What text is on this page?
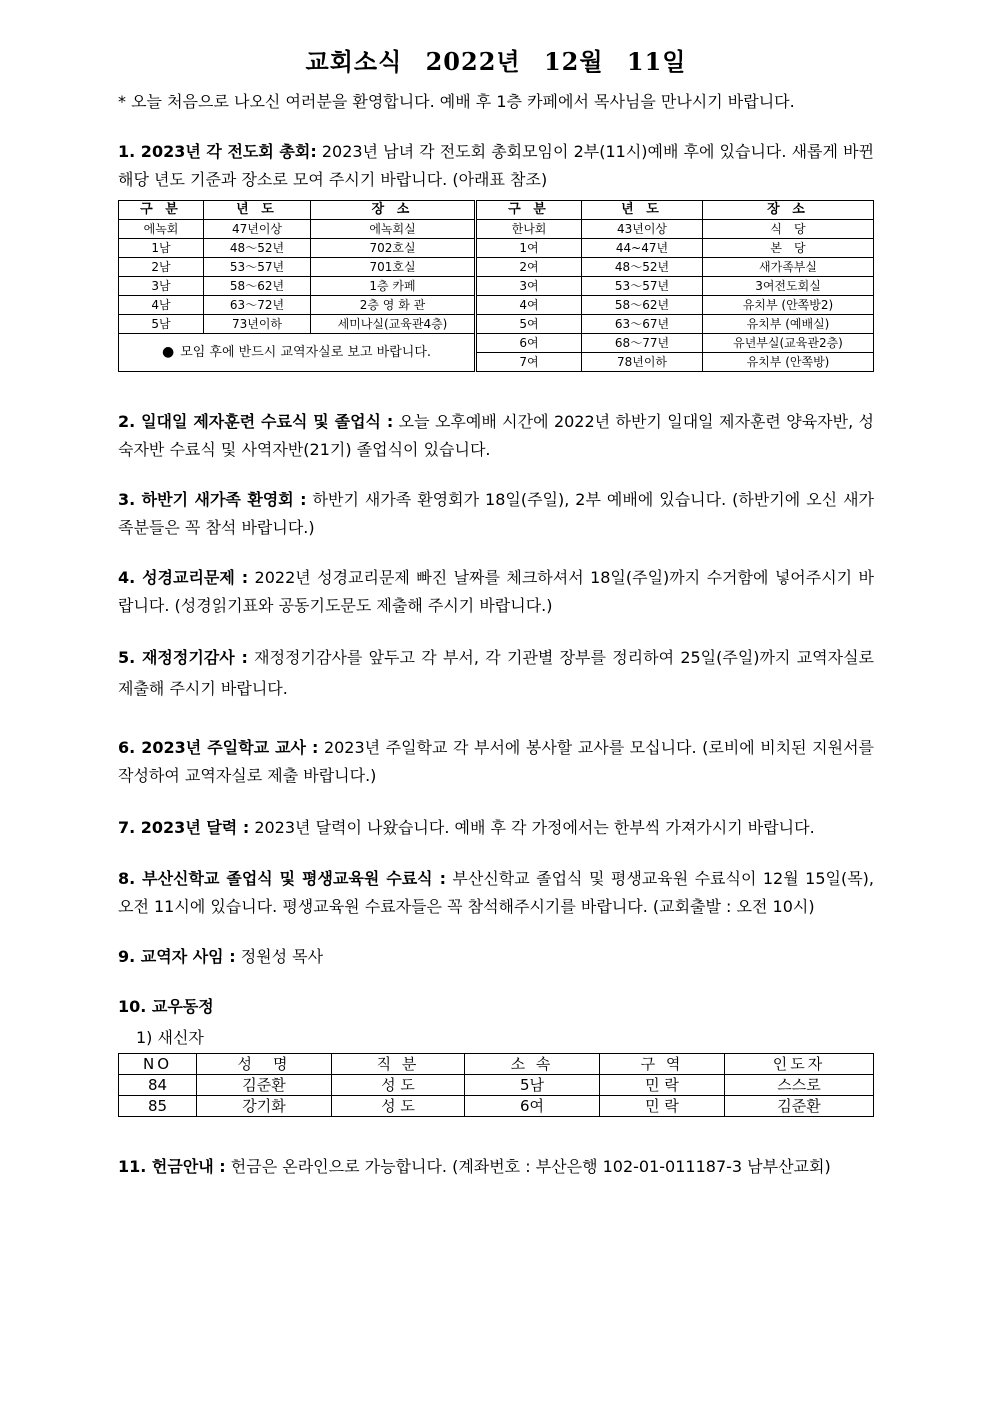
교회소식 2022년 12월 11일

* 오늘 처음으로 나오신 여러분을 환영합니다. 예배 후 1층 카페에서 목사님을 만나시기 바랍니다.

1. 2023년 각 전도회 총회: 2023년 남녀 각 전도회 총회모임이 2부(11시)예배 후에 있습니다. 새롭게 바뀐 해당 년도 기준과 장소로 모여 주시기 바랍니다. (아래표 참조)

구 분	년 도	장 소	구 분	년 도	장 소
에녹회	47년이상	에녹회실	한나회	43년이상	식　당
1남	48～52년	702호실	1여	44~47년	본　당
2남	53～57년	701호실	2여	48～52년	새가족부실
3남	58～62년	1층 카페	3여	53～57년	3여전도회실
4남	63～72년	2층 영 화 관	4여	58～62년	유치부 (안쪽방2)
5남	73년이하	세미나실(교육관4층)	5여	63～67년	유치부 (예배실)
● 모임 후에 반드시 교역자실로 보고 바랍니다.			6여	68～77년	유년부실(교육관2층)
			7여	78년이하	유치부 (안쪽방)

2. 일대일 제자훈련 수료식 및 졸업식 : 오늘 오후예배 시간에 2022년 하반기 일대일 제자훈련 양육자반, 성숙자반 수료식 및 사역자반(21기) 졸업식이 있습니다.

3. 하반기 새가족 환영회 : 하반기 새가족 환영회가 18일(주일), 2부 예배에 있습니다. (하반기에 오신 새가족분들은 꼭 참석 바랍니다.)

4. 성경교리문제 : 2022년 성경교리문제 빠진 날짜를 체크하셔서 18일(주일)까지 수거함에 넣어주시기 바랍니다. (성경읽기표와 공동기도문도 제출해 주시기 바랍니다.)

5. 재정정기감사 : 재정정기감사를 앞두고 각 부서, 각 기관별 장부를 정리하여 25일(주일)까지 교역자실로 제출해 주시기 바랍니다.

6. 2023년 주일학교 교사 : 2023년 주일학교 각 부서에 봉사할 교사를 모십니다. (로비에 비치된 지원서를 작성하여 교역자실로 제출 바랍니다.)

7. 2023년 달력 : 2023년 달력이 나왔습니다. 예배 후 각 가정에서는 한부씩 가져가시기 바랍니다.

8. 부산신학교 졸업식 및 평생교육원 수료식 : 부산신학교 졸업식 및 평생교육원 수료식이 12월 15일(목), 오전 11시에 있습니다. 평생교육원 수료자들은 꼭 참석해주시기를 바랍니다. (교회출발 : 오전 10시)

9. 교역자 사임 : 정원성 목사

10. 교우동정

1) 새신자
NO	성　명	직 분	소 속	구 역	인도자
84	김준환	성 도	5남	민 락	스스로
85	강기화	성 도	6여	민 락	김준환

11. 헌금안내 : 헌금은 온라인으로 가능합니다. (계좌번호 : 부산은행 102-01-011187-3 남부산교회)
